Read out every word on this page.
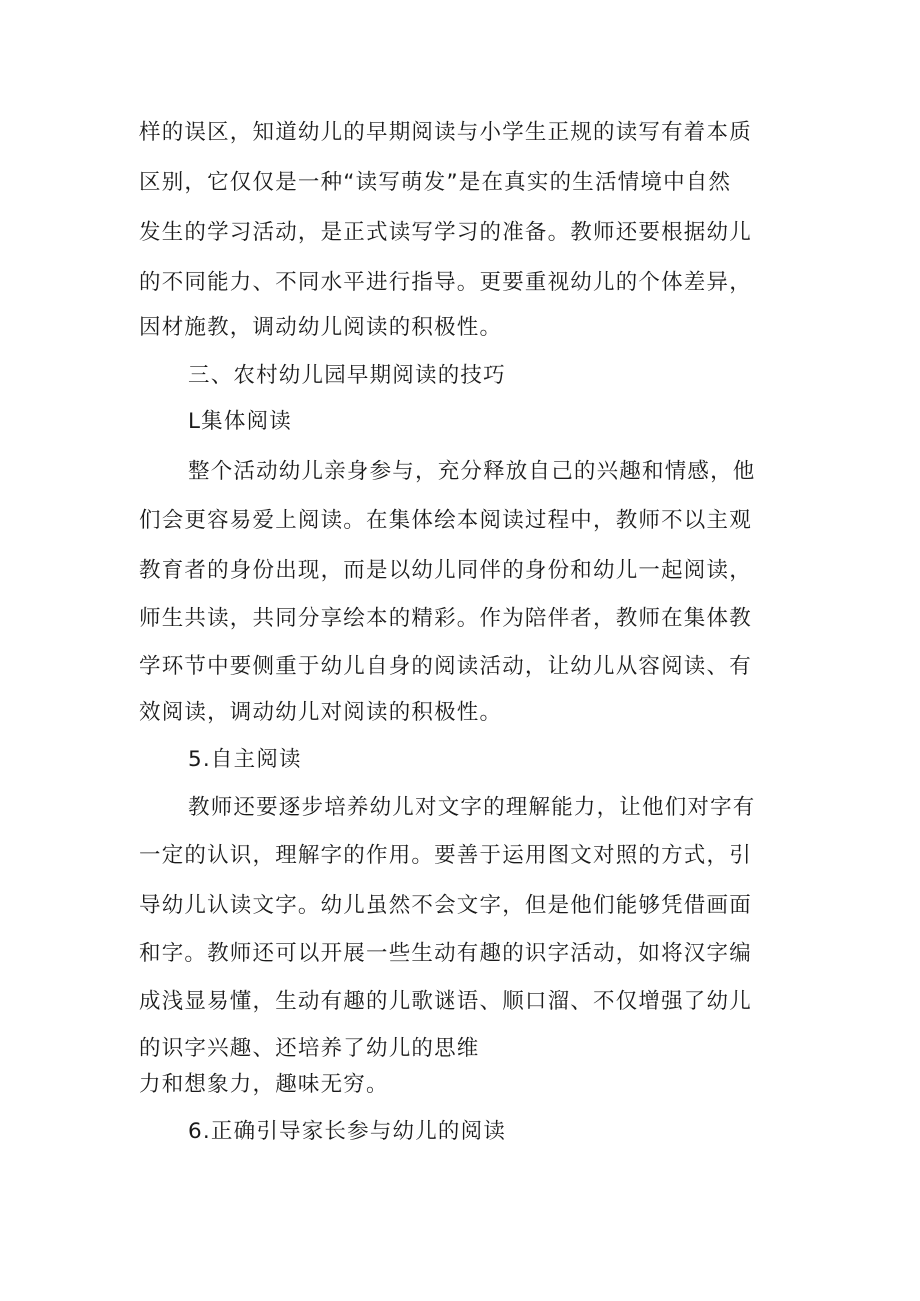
样的误区，知道幼儿的早期阅读与小学生正规的读写有着本质
区别，它仅仅是一种“读写萌发”是在真实的生活情境中自然
发生的学习活动，是正式读写学习的准备。教师还要根据幼儿
的不同能力、不同水平进行指导。更要重视幼儿的个体差异，
因材施教，调动幼儿阅读的积极性。
三、农村幼儿园早期阅读的技巧
L集体阅读
整个活动幼儿亲身参与，充分释放自己的兴趣和情感，他
们会更容易爱上阅读。在集体绘本阅读过程中，教师不以主观
教育者的身份出现，而是以幼儿同伴的身份和幼儿一起阅读，
师生共读，共同分享绘本的精彩。作为陪伴者，教师在集体教
学环节中要侧重于幼儿自身的阅读活动，让幼儿从容阅读、有
效阅读，调动幼儿对阅读的积极性。
5.自主阅读
教师还要逐步培养幼儿对文字的理解能力，让他们对字有
一定的认识，理解字的作用。要善于运用图文对照的方式，引
导幼儿认读文字。幼儿虽然不会文字，但是他们能够凭借画面
和字。教师还可以开展一些生动有趣的识字活动，如将汉字编
成浅显易懂，生动有趣的儿歌谜语、顺口溜、不仅增强了幼儿
的识字兴趣、还培养了幼儿的思维
力和想象力，趣味无穷。
6.正确引导家长参与幼儿的阅读
